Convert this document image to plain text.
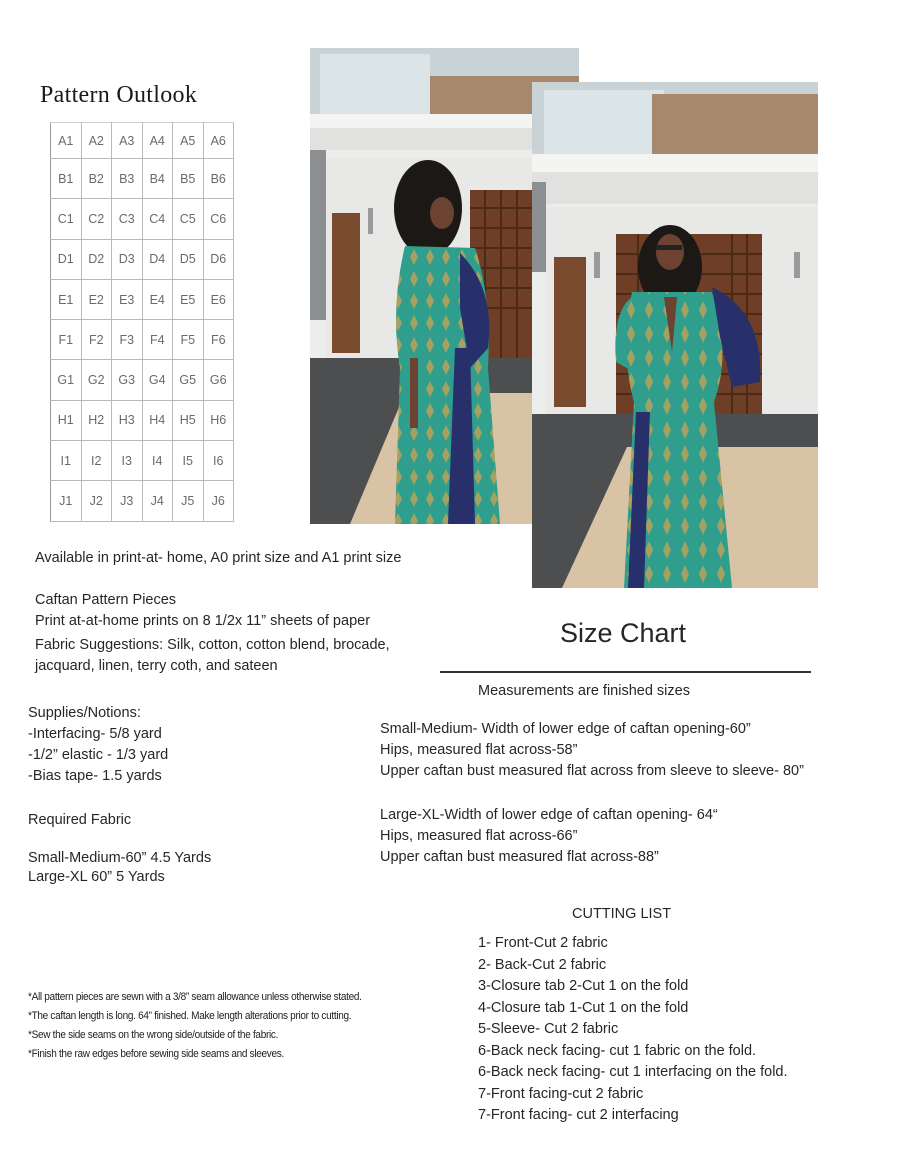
Pattern Outlook
A1	A2	A3	A4	A5	A6
B1	B2	B3	B4	B5	B6
C1	C2	C3	C4	C5	C6
D1	D2	D3	D4	D5	D6
E1	E2	E3	E4	E5	E6
F1	F2	F3	F4	F5	F6
G1	G2	G3	G4	G5	G6
H1	H2	H3	H4	H5	H6
I1	I2	I3	I4	I5	I6
J1	J2	J3	J4	J5	J6
Available in print-at- home, A0 print size and A1 print size

Caftan Pattern Pieces

Print at-at-home prints on 8 1/2x 11” sheets of paper

Fabric Suggestions: Silk, cotton, cotton blend, brocade,

jacquard, linen, terry coth, and sateen

Supplies/Notions:

-Interfacing- 5/8 yard

-1/2” elastic - 1/3 yard

-Bias tape- 1.5 yards

Required Fabric

Small-Medium-60” 4.5 Yards

Large-XL 60” 5 Yards

*All pattern pieces are sewn with a 3/8” seam allowance unless otherwise stated.

*The caftan length is long. 64” finished. Make length alterations prior to cutting.

*Sew the side seams on the wrong side/outside of the fabric.

*Finish the raw edges before sewing side seams and sleeves.

Size Chart
Measurements are finished sizes

Small-Medium- Width of lower edge of caftan opening-60”

Hips, measured flat across-58”

Upper caftan bust measured flat across from sleeve to sleeve- 80”

Large-XL-Width of lower edge of caftan opening- 64“

Hips, measured flat across-66”

Upper caftan bust measured flat across-88”

CUTTING LIST

1- Front-Cut 2 fabric

2- Back-Cut 2 fabric

3-Closure tab 2-Cut 1 on the fold

4-Closure tab 1-Cut 1 on the fold

5-Sleeve- Cut 2 fabric

6-Back neck facing- cut 1 fabric on the fold.

6-Back neck facing- cut 1 interfacing on the fold.

7-Front facing-cut 2 fabric

7-Front facing- cut 2 interfacing
